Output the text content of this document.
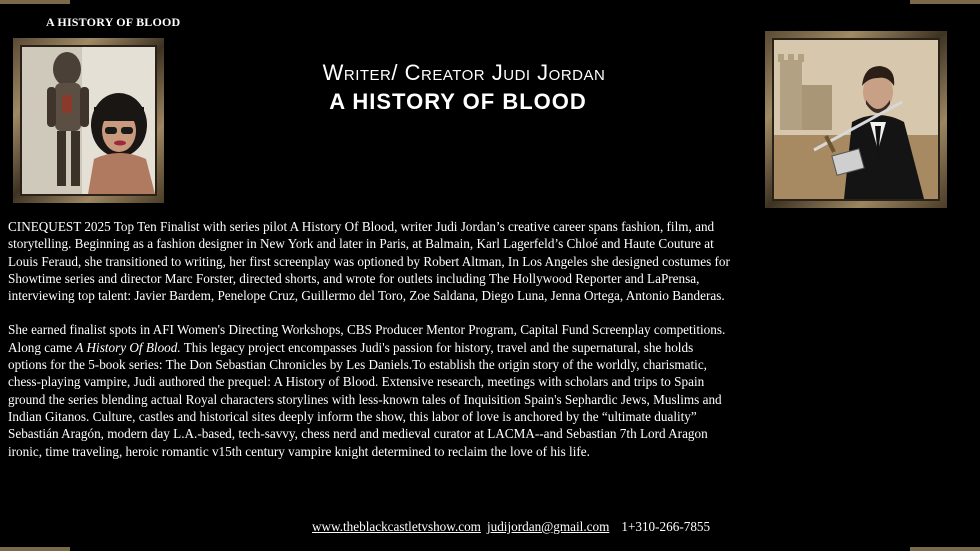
A HISTORY OF BLOOD
Writer/ Creator Judi Jordan
A HISTORY OF BLOOD

CINEQUEST 2025 Top Ten Finalist with series pilot A History Of Blood, writer Judi Jordan’s creative career spans fashion, film, and

storytelling. Beginning as a fashion designer in New York and later in Paris, at Balmain, Karl Lagerfeld’s Chloé and Haute Couture at

Louis Feraud, she transitioned to writing, her first screenplay was optioned by Robert Altman, In Los Angeles she designed costumes for

Showtime series and director Marc Forster, directed shorts, and wrote for outlets including The Hollywood Reporter and LaPrensa,

interviewing top talent: Javier Bardem, Penelope Cruz, Guillermo del Toro, Zoe Saldana, Diego Luna, Jenna Ortega, Antonio Banderas.

She earned finalist spots in AFI Women's Directing Workshops, CBS Producer Mentor Program, Capital Fund Screenplay competitions.

Along came A History Of Blood. This legacy project encompasses Judi's passion for history, travel and the supernatural, she holds

options for the 5-book series: The Don Sebastian Chronicles by Les Daniels.To establish the origin story of the worldly, charismatic,

chess-playing vampire, Judi authored the prequel: A History of Blood. Extensive research, meetings with scholars and trips to Spain

ground the series blending actual Royal characters storylines with less-known tales of Inquisition Spain's Sephardic Jews, Muslims and

Indian Gitanos. Culture, castles and historical sites deeply inform the show, this labor of love is anchored by the “ultimate duality”

Sebastián Aragón, modern day L.A.-based, tech-savvy, chess nerd and medieval curator at LACMA--and Sebastian 7th Lord Aragon

ironic, time traveling, heroic romantic v15th century vampire knight determined to reclaim the love of his life.

www.theblackcastletvshow.com judijordan@gmail.com 1+310-266-7855
